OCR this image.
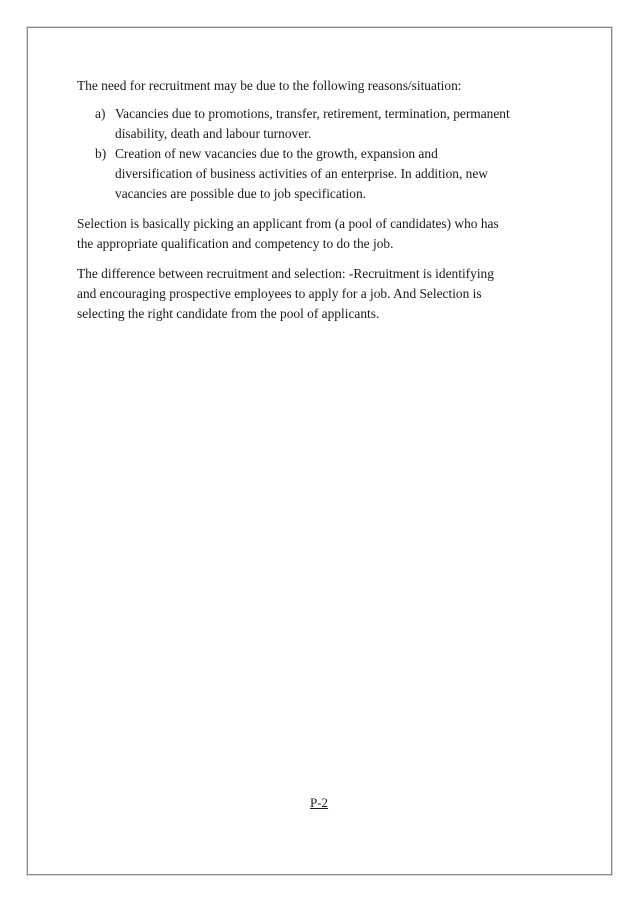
The need for recruitment may be due to the following reasons/situation:

a) Vacancies due to promotions, transfer, retirement, termination, permanent
disability, death and labour turnover.
b) Creation of new vacancies due to the growth, expansion and
diversification of business activities of an enterprise. In addition, new
vacancies are possible due to job specification.

Selection is basically picking an applicant from (a pool of candidates) who has
the appropriate qualification and competency to do the job.

The difference between recruitment and selection: -Recruitment is identifying
and encouraging prospective employees to apply for a job. And Selection is
selecting the right candidate from the pool of applicants.

P-2
